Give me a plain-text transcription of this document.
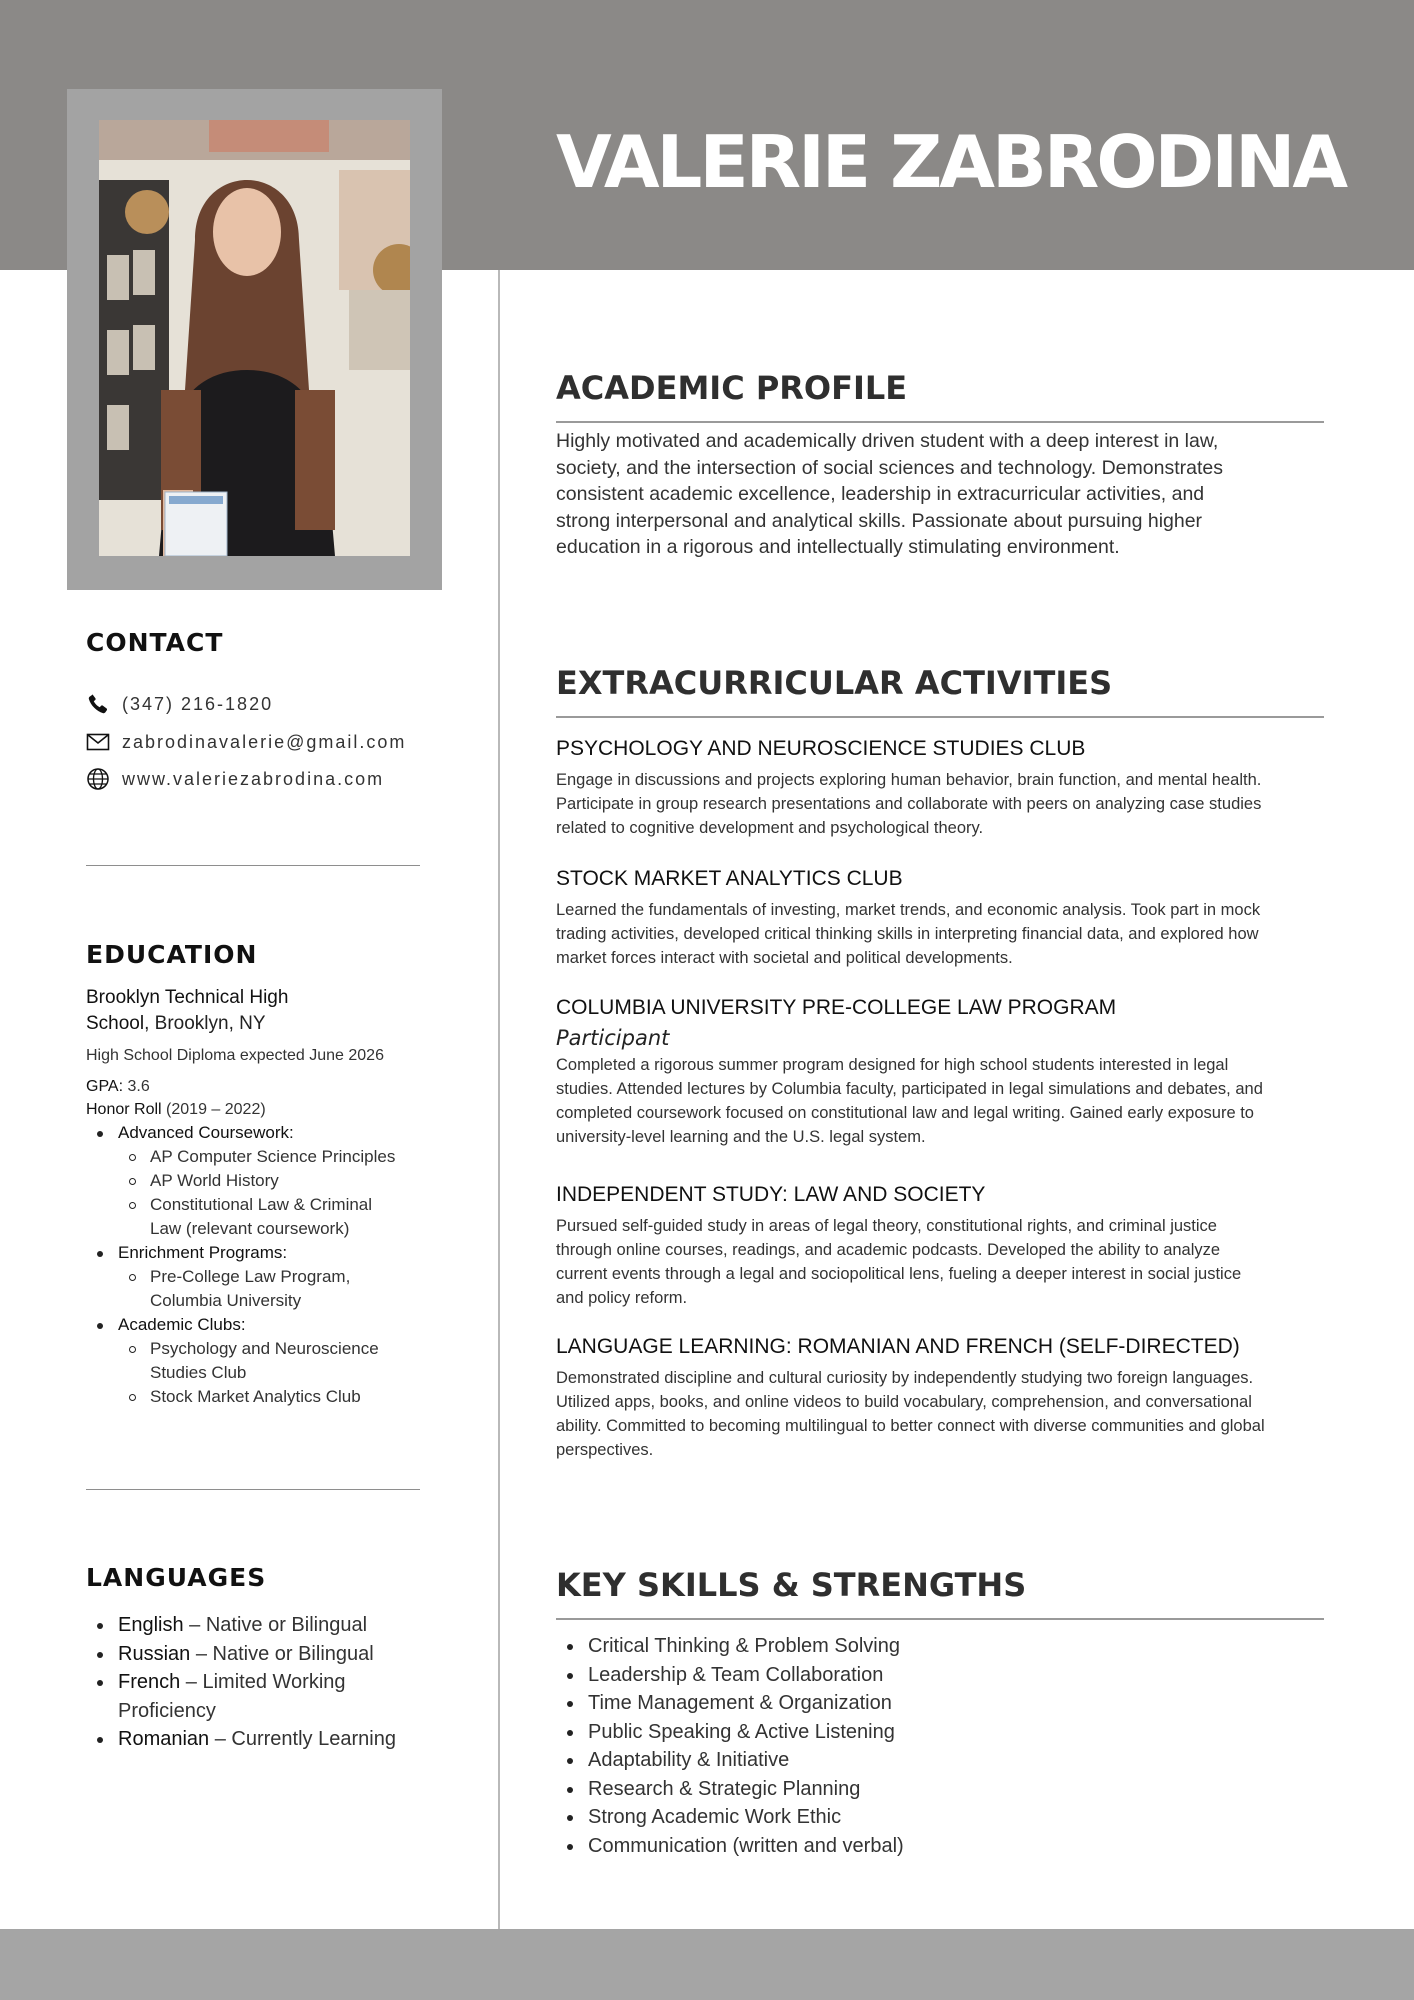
VALERIE ZABRODINA
CONTACT
(347) 216-1820
zabrodinavalerie@gmail.com
www.valeriezabrodina.com
EDUCATION
Brooklyn Technical High School, Brooklyn, NY
High School Diploma expected June 2026
GPA: 3.6
Honor Roll (2019 – 2022)
Advanced Coursework:
AP Computer Science Principles
AP World History
Constitutional Law & Criminal Law (relevant coursework)
Enrichment Programs:
Pre-College Law Program, Columbia University
Academic Clubs:
Psychology and Neuroscience Studies Club
Stock Market Analytics Club
LANGUAGES
English – Native or Bilingual
Russian – Native or Bilingual
French – Limited Working Proficiency
Romanian – Currently Learning
ACADEMIC PROFILE

Highly motivated and academically driven student with a deep interest in law, society, and the intersection of social sciences and technology. Demonstrates consistent academic excellence, leadership in extracurricular activities, and strong interpersonal and analytical skills. Passionate about pursuing higher education in a rigorous and intellectually stimulating environment.

EXTRACURRICULAR ACTIVITIES
PSYCHOLOGY AND NEUROSCIENCE STUDIES CLUB

Engage in discussions and projects exploring human behavior, brain function, and mental health. Participate in group research presentations and collaborate with peers on analyzing case studies related to cognitive development and psychological theory.

STOCK MARKET ANALYTICS CLUB

Learned the fundamentals of investing, market trends, and economic analysis. Took part in mock trading activities, developed critical thinking skills in interpreting financial data, and explored how market forces interact with societal and political developments.

COLUMBIA UNIVERSITY PRE-COLLEGE LAW PROGRAM
Participant

Completed a rigorous summer program designed for high school students interested in legal studies. Attended lectures by Columbia faculty, participated in legal simulations and debates, and completed coursework focused on constitutional law and legal writing. Gained early exposure to university-level learning and the U.S. legal system.

INDEPENDENT STUDY: LAW AND SOCIETY

Pursued self-guided study in areas of legal theory, constitutional rights, and criminal justice through online courses, readings, and academic podcasts. Developed the ability to analyze current events through a legal and sociopolitical lens, fueling a deeper interest in social justice and policy reform.

LANGUAGE LEARNING: ROMANIAN AND FRENCH (SELF-DIRECTED)

Demonstrated discipline and cultural curiosity by independently studying two foreign languages. Utilized apps, books, and online videos to build vocabulary, comprehension, and conversational ability. Committed to becoming multilingual to better connect with diverse communities and global perspectives.

KEY SKILLS & STRENGTHS
Critical Thinking & Problem Solving
Leadership & Team Collaboration
Time Management & Organization
Public Speaking & Active Listening
Adaptability & Initiative
Research & Strategic Planning
Strong Academic Work Ethic
Communication (written and verbal)
